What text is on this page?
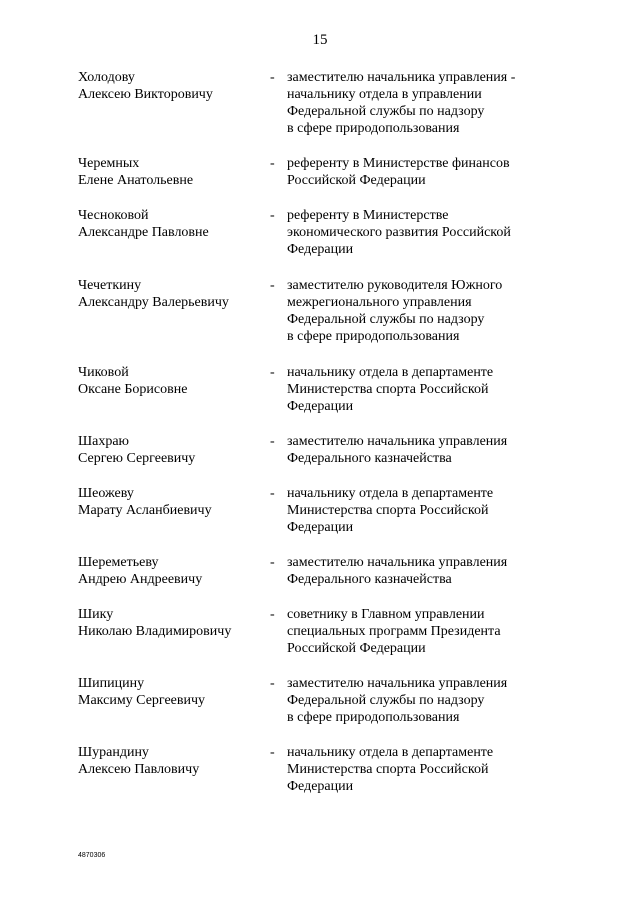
15
Холодову
Алексею Викторовичу
- заместителю начальника управления -
начальнику отдела в управлении
Федеральной службы по надзору
в сфере природопользования
Черемных
Елене Анатольевне
- референту в Министерстве финансов
Российской Федерации
Чесноковой
Александре Павловне
- референту в Министерстве
экономического развития Российской
Федерации
Чечеткину
Александру Валерьевичу
- заместителю руководителя Южного
межрегионального управления
Федеральной службы по надзору
в сфере природопользования
Чиковой
Оксане Борисовне
- начальнику отдела в департаменте
Министерства спорта Российской
Федерации
Шахраю
Сергею Сергеевичу
- заместителю начальника управления
Федерального казначейства
Шеожеву
Марату Асланбиевичу
- начальнику отдела в департаменте
Министерства спорта Российской
Федерации
Шереметьеву
Андрею Андреевичу
- заместителю начальника управления
Федерального казначейства
Шику
Николаю Владимировичу
- советнику в Главном управлении
специальных программ Президента
Российской Федерации
Шипицину
Максиму Сергеевичу
- заместителю начальника управления
Федеральной службы по надзору
в сфере природопользования
Шурандину
Алексею Павловичу
- начальнику отдела в департаменте
Министерства спорта Российской
Федерации
4870306
